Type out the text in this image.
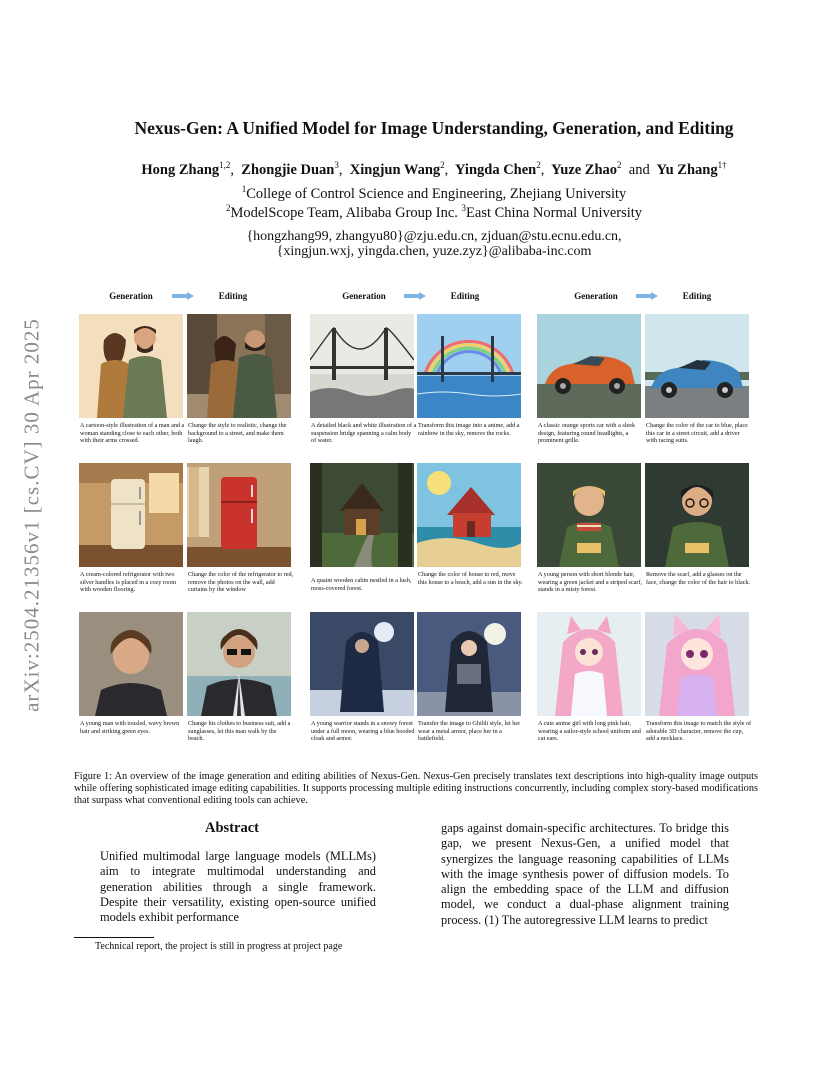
arXiv:2504.21356v1 [cs.CV] 30 Apr 2025
Nexus-Gen: A Unified Model for Image Understanding, Generation, and Editing
Hong Zhang$^{1,2}$, Zhongjie Duan$^3$, Xingjun Wang$^2$, Yingda Chen$^2$, Yuze Zhao$^2$ and Yu Zhang$^{1\dagger}$
$^1$College of Control Science and Engineering, Zhejiang University
$^2$ModelScope Team, Alibaba Group Inc. $^3$East China Normal University
{hongzhang99, zhangyu80}@zju.edu.cn, zjduan@stu.ecnu.edu.cn,
{xingjun.wxj, yingda.chen, yuze.zyz}@alibaba-inc.com
Generation	Editing	Generation	Editing	Generation	Editing
A cartoon-style illustration of a man and a woman standing close to each other, both with their arms crossed.
Change the style to realistic, change the background to a street, and make them laugh.
A detailed black and white illustration of a suspension bridge spanning a calm body of water.
Transform this image into a anime, add a rainbow in the sky, remove the rocks.
A classic orange sports car with a sleek design, featuring round headlights, a prominent grille.
Change the color of the car to blue, place this car in a street circuit, add a driver with racing suits.
A cream-colored refrigerator with two silver handles is placed in a cozy room with wooden flooring.
Change the color of the refrigerator to red, remove the photos on the wall, add curtains by the window
A quaint wooden cabin nestled in a lush, moss-covered forest.
Change the color of house to red, move this house to a beach, add a sun in the sky.
A young person with short blonde hair, wearing a green jacket and a striped scarf, stands in a misty forest.
Remove the scarf, add a glasses on the face, change the color of the hair to black.
A young man with tousled, wavy brown hair and striking green eyes.
Change his clothes to business suit, add a sunglasses, let this man walk by the beach.
A young warrior stands in a snowy forest under a full moon, wearing a blue hooded cloak and armor.
Transfer the image to Ghibli style, let her wear a metal armor, place her in a battlefield.
A cute anime girl with long pink hair, wearing a sailor-style school uniform and cat ears.
Transform this image to match the style of adorable 3D character, remove the cup, add a necklace.
Figure 1: An overview of the image generation and editing abilities of Nexus-Gen. Nexus-Gen precisely translates text descriptions into high-quality image outputs while offering sophisticated image editing capabilities. It supports processing multiple editing instructions concurrently, including complex story-based modifications that surpass what conventional editing tools can achieve.
Abstract
Unified multimodal large language models (MLLMs) aim to integrate multimodal understanding and generation abilities through a single framework. Despite their versatility, existing open-source unified models exhibit performance
gaps against domain-specific architectures. To bridge this gap, we present Nexus-Gen, a unified model that synergizes the language reasoning capabilities of LLMs with the image synthesis power of diffusion models. To align the embedding space of the LLM and diffusion model, we conduct a dual-phase alignment training process. (1) The autoregressive LLM learns to predict
Technical report, the project is still in progress at project page
